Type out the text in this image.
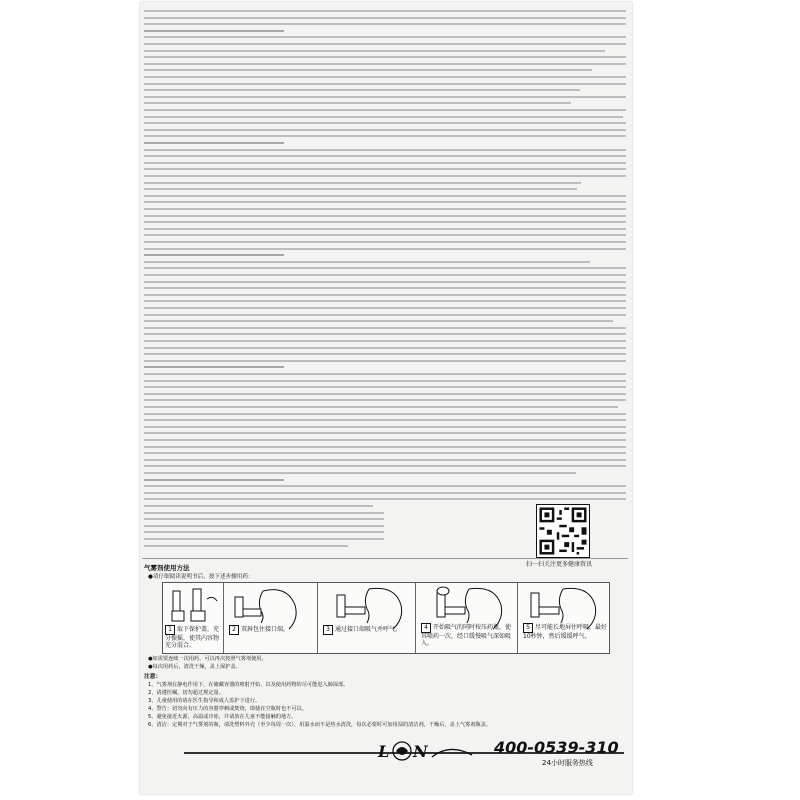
扫一扫关注更多健康资讯
气雾剂使用方法
●请仔细阅读说明书后，按下述步骤用药：
1 取下保护盖，充分振摇，使其内容物充分混合。
2 双唇包住接口端。	3 通过接口端吸气并呼气。	4 开始吸气的同时按压药瓶，使其喷药一次，经口缓慢吸气深如吸入。
5 尽可能长地屏住呼吸，最好10秒钟，然后缓缓呼气。
●如需要连续一次用药，可以再次按照气雾剂使用。
●每次用药后，清洗干燥，盖上保护盖。
注意：
1、气雾剂在静电作用下，在储藏容器的喷射开始，以及使用药物的尽可能进入肺深部。
2、请遵医嘱，切勿超过规定量。
3、儿童使用的请在医生指导和成人监护下进行。
4、警告：切勿向有压力的容器穿刺或焚烧，即使在空瓶时也不可以。
5、避免接近火源，高温或冷冻，并请放在儿童不能接触的地方。
6、清洁：定期对于气雾剂的瓶，请洗塑料外壳（至少每周一次），用温水而不是热水清洗，每次必要时可加用湿的清洁剂，干燥后，盖上气雾剂瓶盖。
L N	400-0539-310
24小时服务热线
